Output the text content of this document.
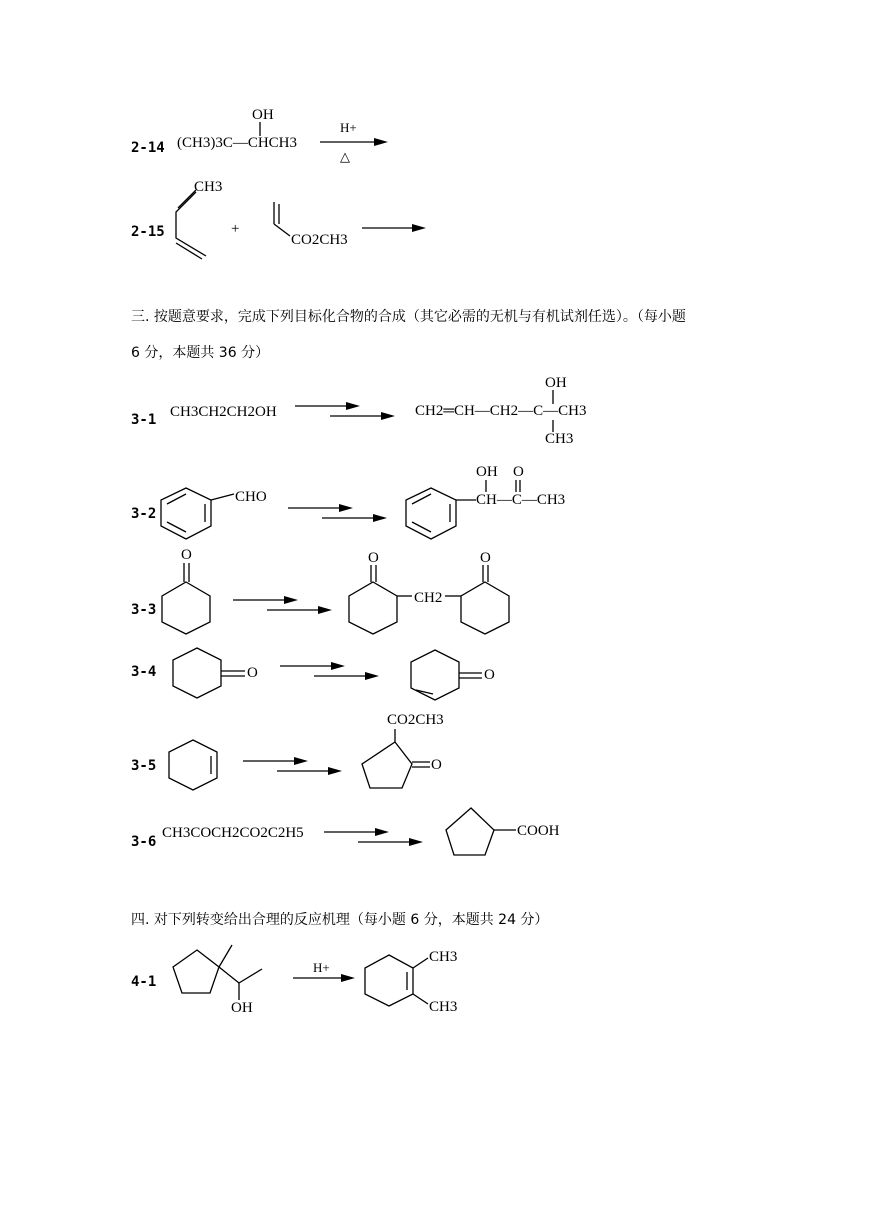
2-14 (CH3)3C—CHCH3
OH
H+
△
2-15
CH3
+
CO2CH3
三. 按题意要求，完成下列目标化合物的合成（其它必需的无机与有机试剂任选）。（每小题
6 分，本题共 36 分）
3-1 CH3CH2CH2OH
OH
CH2═CH—CH2—C—CH3
CH3
3-2
CHO
OH O
CH—C—CH3
3-3
O	O	O
CH2
3-4	O	O
3-5
CO2CH3
O
3-6
CH3COCH2CO2C2H5	COOH
四. 对下列转变给出合理的反应机理（每小题 6 分，本题共 24 分）
4-1
OH
H+
CH3
CH3
